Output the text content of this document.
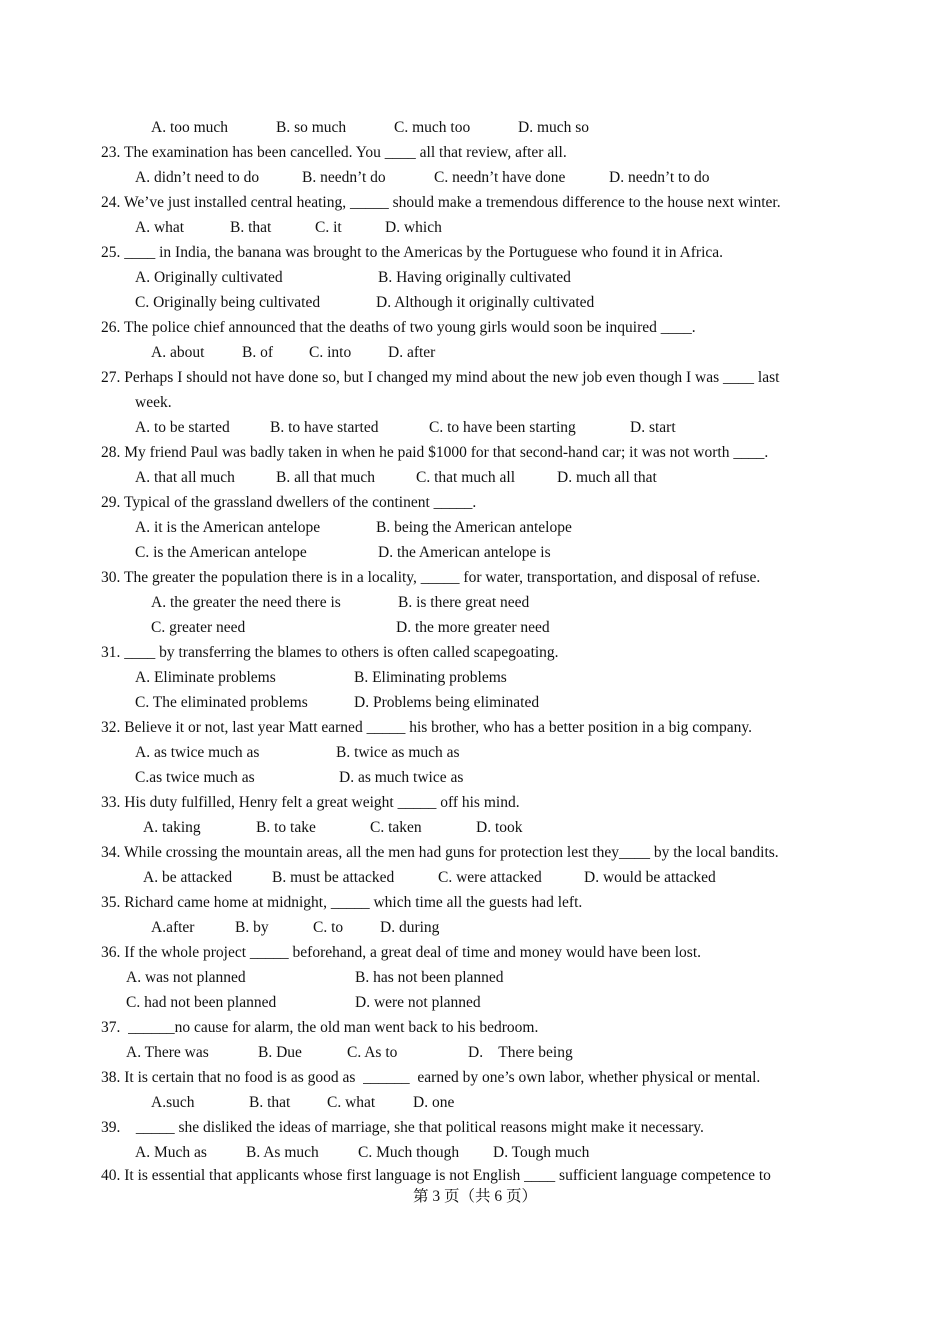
A. too much	B. so much	C. much too	D. much so
23. The examination has been cancelled. You ____ all that review, after all.
A. didn’t need to do	B. needn’t do	C. needn’t have done	D. needn’t to do
24. We’ve just installed central heating, _____ should make a tremendous difference to the house next winter.
A. what	B. that	C. it	D. which
25. ____ in India, the banana was brought to the Americas by the Portuguese who found it in Africa.
A. Originally cultivated	B. Having originally cultivated
C. Originally being cultivated	D. Although it originally cultivated
26. The police chief announced that the deaths of two young girls would soon be inquired ____.
A. about B. of C. into D. after
27. Perhaps I should not have done so, but I changed my mind about the new job even though I was ____ last
week.
A. to be started	B. to have started	C. to have been starting	D. start
28. My friend Paul was badly taken in when he paid $1000 for that second-hand car; it was not worth ____.
A. that all much	B. all that much	C. that much all	D. much all that
29. Typical of the grassland dwellers of the continent _____.
A. it is the American antelope	B. being the American antelope
C. is the American antelope	D. the American antelope is
30. The greater the population there is in a locality, _____ for water, transportation, and disposal of refuse.
A. the greater the need there is	B. is there great need
C. greater need	D. the more greater need
31. ____ by transferring the blames to others is often called scapegoating.
A. Eliminate problems	B. Eliminating problems
C. The eliminated problems	D. Problems being eliminated
32. Believe it or not, last year Matt earned _____ his brother, who has a better position in a big company.
A. as twice much as	B. twice as much as
C.as twice much as	D. as much twice as
33. His duty fulfilled, Henry felt a great weight _____ off his mind.
A. taking	B. to take	C. taken	D. took
34. While crossing the mountain areas, all the men had guns for protection lest they____ by the local bandits.
A. be attacked	B. must be attacked	C. were attacked	D. would be attacked
35. Richard came home at midnight, _____ which time all the guests had left.
A.after	B. by	C. to D. during
36. If the whole project _____ beforehand, a great deal of time and money would have been lost.
A. was not planned	B. has not been planned
C. had not been planned	D. were not planned
37.  ______no cause for alarm, the old man went back to his bedroom.
A. There was	B. Due	C. As to	D.    There being
38. It is certain that no food is as good as  ______  earned by one’s own labor, whether physical or mental.
A.such	B. that C. what D. one
39.    _____ she disliked the ideas of marriage, she that political reasons might make it necessary.
A. Much as	B. As much	C. Much though D. Tough much
40. It is essential that applicants whose first language is not English ____ sufficient language competence to
第 3 页（共 6 页）
